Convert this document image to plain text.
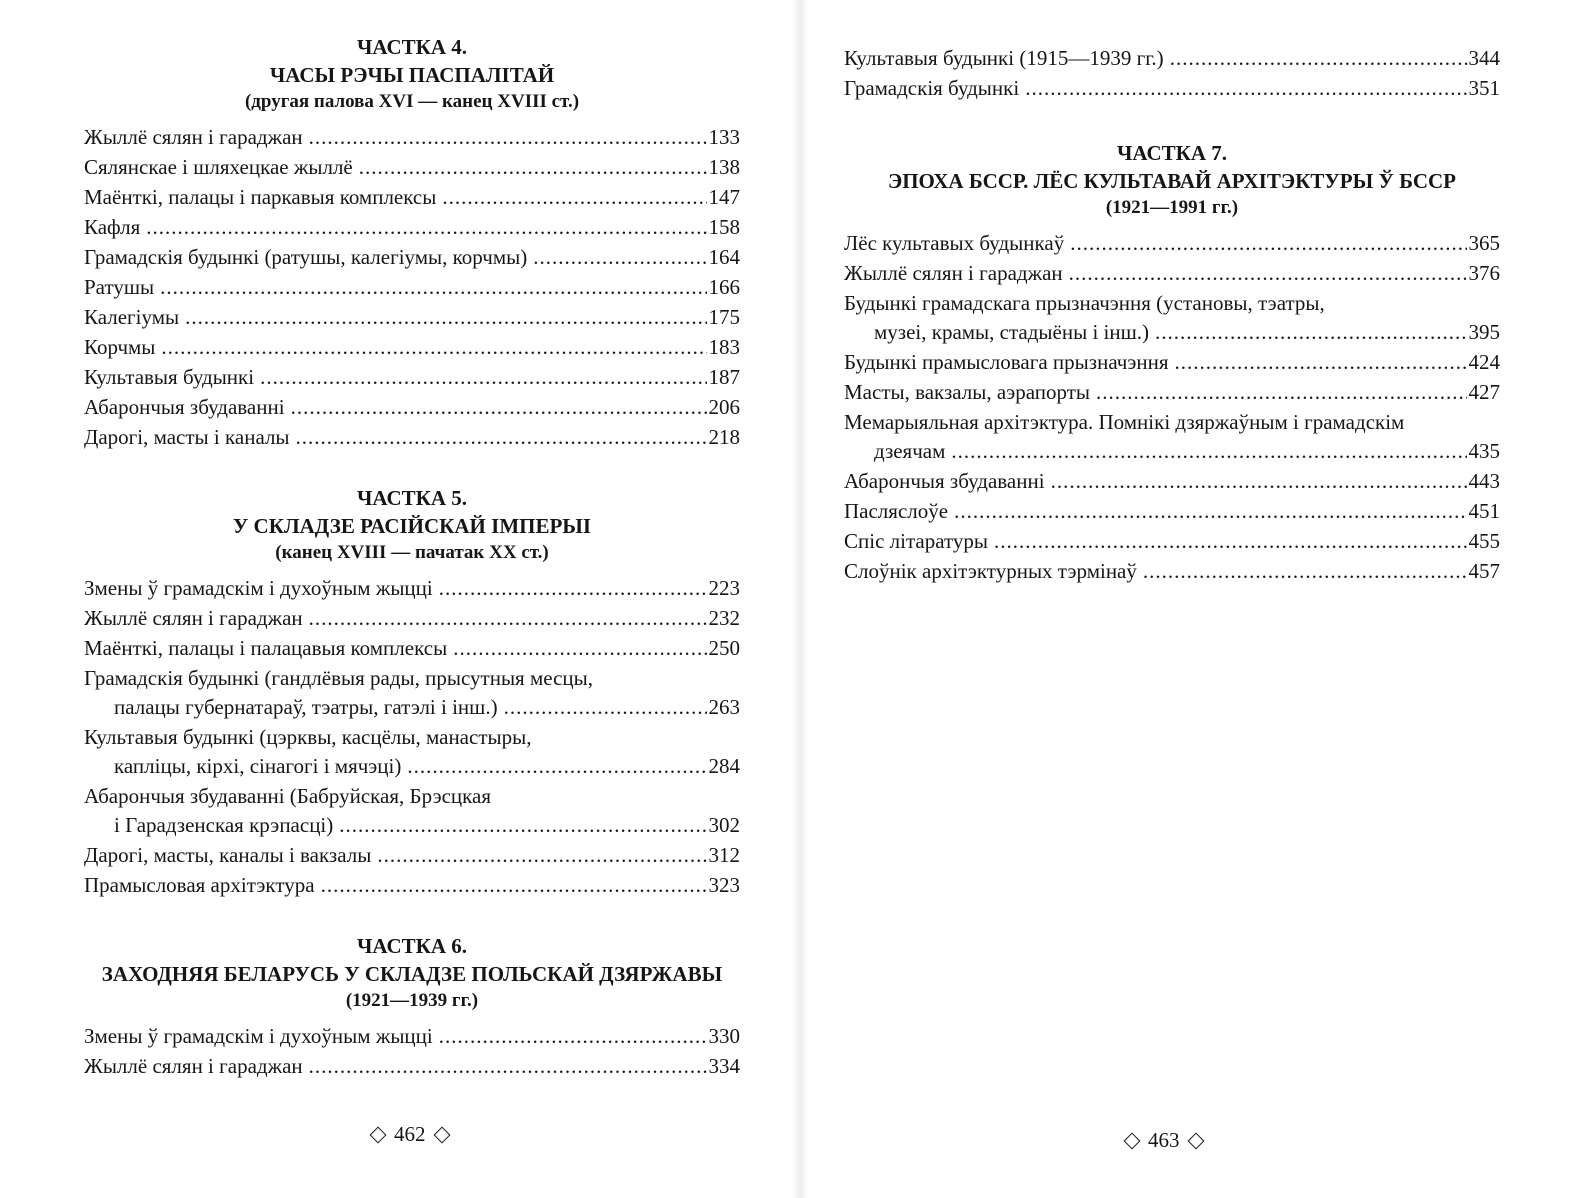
ЧАСТКА 4.
ЧАСЫ РЭЧЫ ПАСПАЛІТАЙ
(другая палова XVI — канец XVIII ст.)
Жыллё сялян і гараджан .....	133
Сялянскае і шляхецкае жыллё .....	138
Маёнткі, палацы і паркавыя комплексы .....	147
Кафля .....	158
Грамадскія будынкі (ратушы, калегіумы, корчмы) .....	164
Ратушы .....	166
Калегіумы .....	175
Корчмы .....	183
Культавыя будынкі .....	187
Абарончыя збудаванні .....	206
Дарогі, масты і каналы .....	218
ЧАСТКА 5.
У СКЛАДЗЕ РАСІЙСКАЙ ІМПЕРЫІ
(канец XVIII — пачатак XX ст.)
Змены ў грамадскім і духоўным жыцці .....	223
Жыллё сялян і гараджан .....	232
Маёнткі, палацы і палацавыя комплексы .....	250
Грамадскія будынкі (гандлёвыя рады, прысутныя месцы,
палацы губернатараў, тэатры, гатэлі і інш.) .....	263
Культавыя будынкі (цэрквы, касцёлы, манастыры,
капліцы, кірхі, сінагогі і мячэці) .....	284
Абарончыя збудаванні (Бабруйская, Брэсцкая
і Гарадзенская крэпасці) .....	302
Дарогі, масты, каналы і вакзалы .....	312
Прамысловая архітэктура .....	323
ЧАСТКА 6.
ЗАХОДНЯЯ БЕЛАРУСЬ У СКЛАДЗЕ ПОЛЬСКАЙ ДЗЯРЖАВЫ
(1921—1939 гг.)
Змены ў грамадскім і духоўным жыцці .....	330
Жыллё сялян і гараджан .....	334
462
Культавыя будынкі (1915—1939 гг.) .....	344
Грамадскія будынкі .....	351
ЧАСТКА 7.
ЭПОХА БССР. ЛЁС КУЛЬТАВАЙ АРХІТЭКТУРЫ Ў БССР
(1921—1991 гг.)
Лёс культавых будынкаў .....	365
Жыллё сялян і гараджан .....	376
Будынкі грамадскага прызначэння (установы, тэатры,
музеі, крамы, стадыёны і інш.) .....	395
Будынкі прамысловага прызначэння .....	424
Масты, вакзалы, аэрапорты .....	427
Мемарыяльная архітэктура. Помнікі дзяржаўным і грамадскім
дзеячам .....	435
Абарончыя збудаванні .....	443
Пасляслоўе .....	451
Спіс літаратуры .....	455
Слоўнік архітэктурных тэрмінаў .....	457
463
